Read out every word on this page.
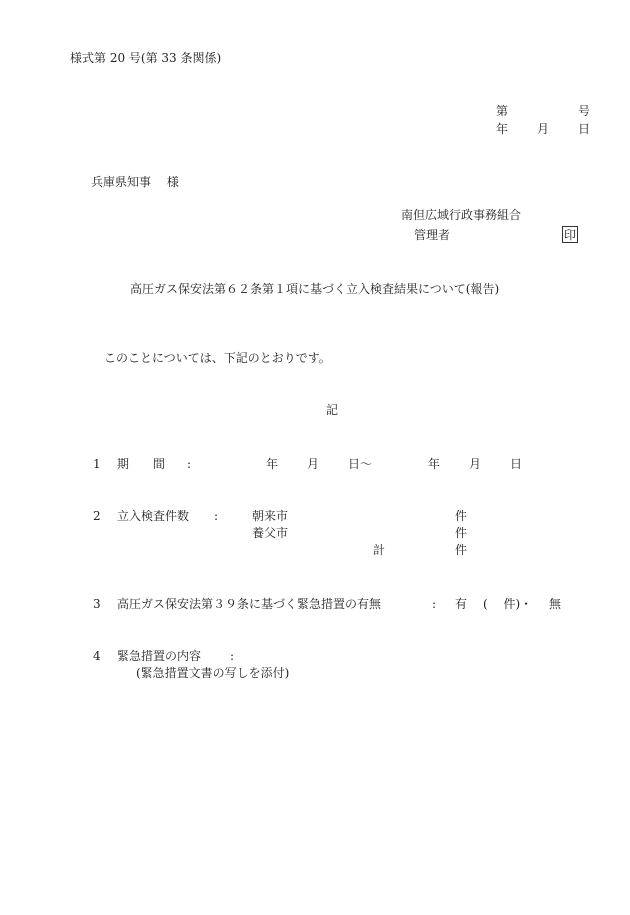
様式第 20 号(第 33 条関係)
第	号
年 月 日
兵庫県知事　 様
南但広域行政事務組合
管理者	印
高圧ガス保安法第６２条第１項に基づく立入検査結果について(報告)
このことについては、下記のとおりです。
記
1 期　　間 :	年 月 日〜	年 月 日
2 立入検査件数 :	朝来市	件
養父市	件
計	件
3 高圧ガス保安法第３９条に基づく緊急措置の有無	: 有 (　 件)・ 無
4 緊急措置の内容 :
(緊急措置文書の写しを添付)
